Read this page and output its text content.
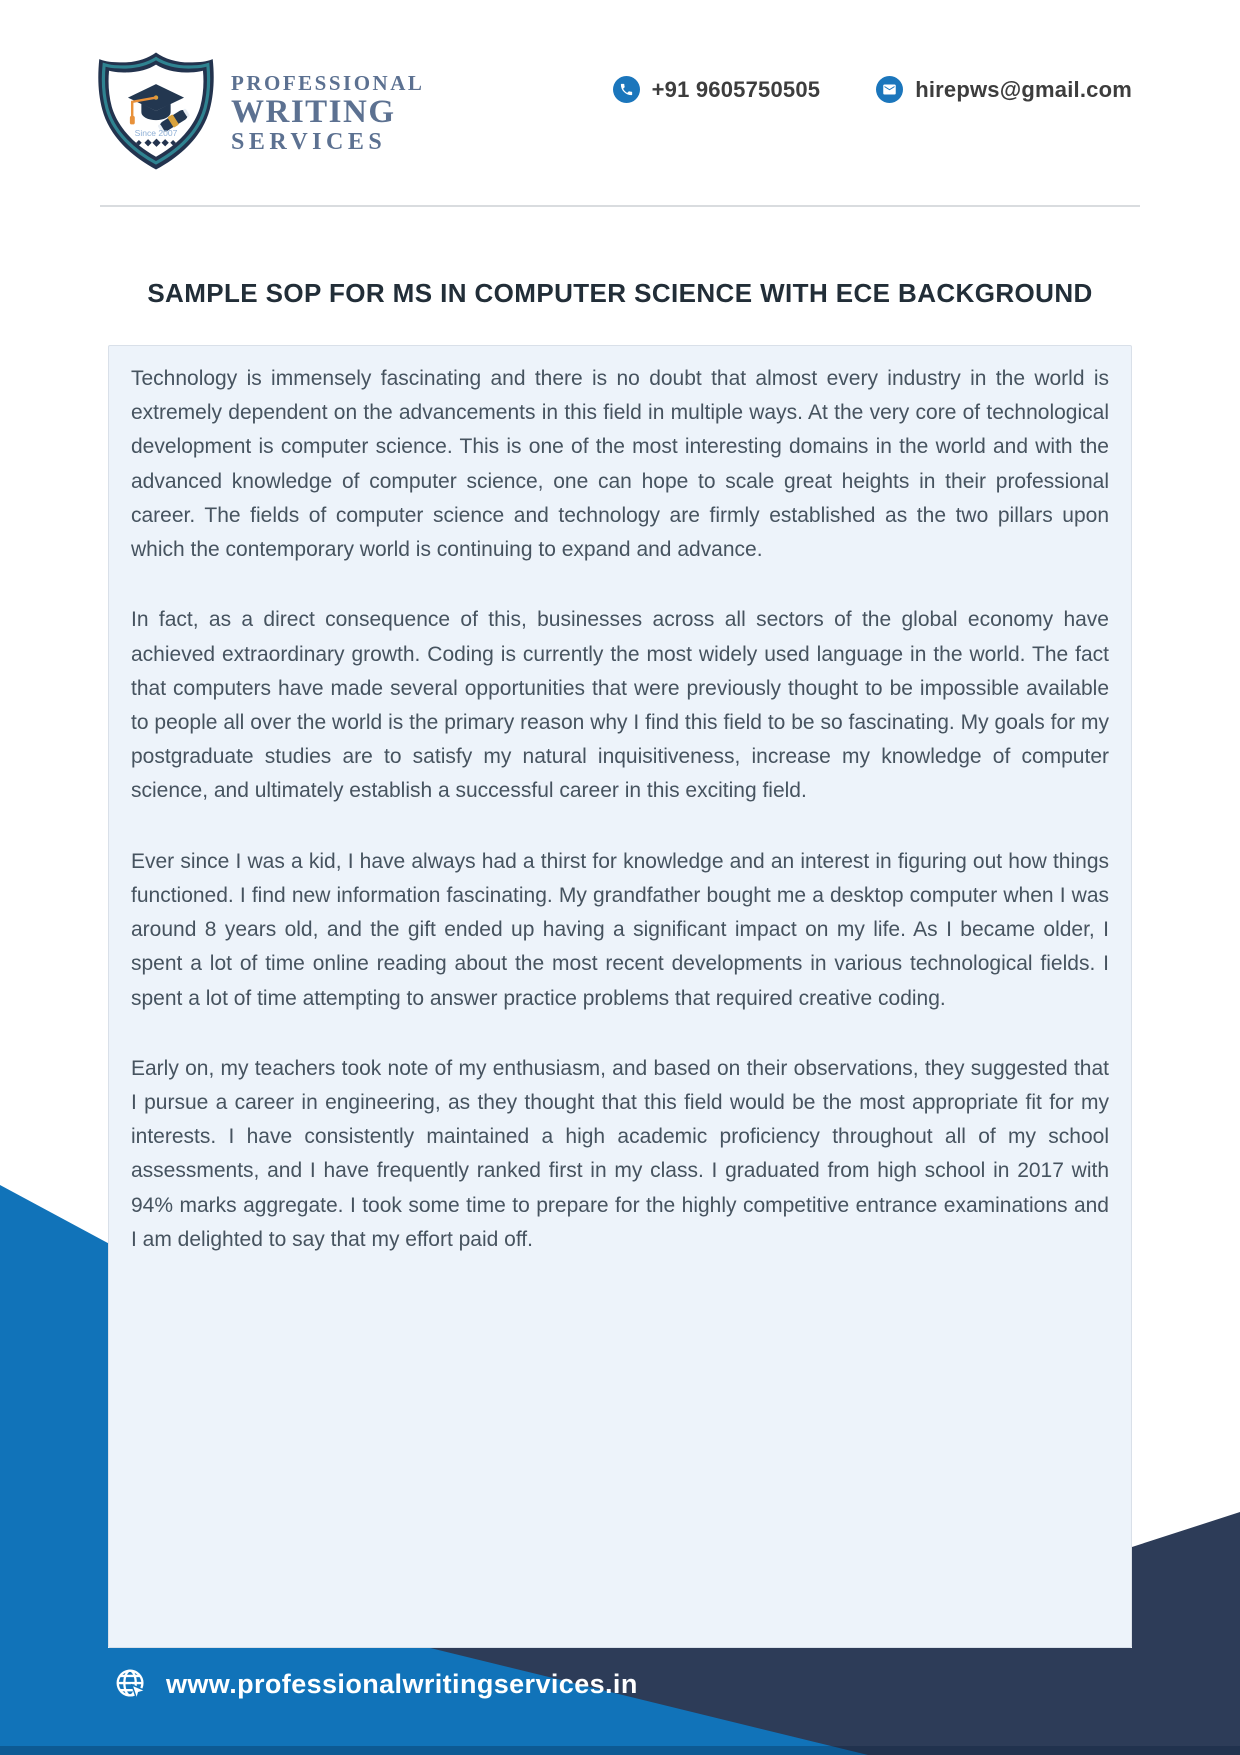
Since 2007
PROFESSIONAL
WRITING
SERVICES
+91 9605750505	hirepws@gmail.com
SAMPLE SOP FOR MS IN COMPUTER SCIENCE WITH ECE BACKGROUND

Technology is immensely fascinating and there is no doubt that almost every industry in the world is extremely dependent on the advancements in this field in multiple ways. At the very core of technological development is computer science. This is one of the most interesting domains in the world and with the advanced knowledge of computer science, one can hope to scale great heights in their professional career. The fields of computer science and technology are firmly established as the two pillars upon which the contemporary world is continuing to expand and advance.

In fact, as a direct consequence of this, businesses across all sectors of the global economy have achieved extraordinary growth. Coding is currently the most widely used language in the world. The fact that computers have made several opportunities that were previously thought to be impossible available to people all over the world is the primary reason why I find this field to be so fascinating. My goals for my postgraduate studies are to satisfy my natural inquisitiveness, increase my knowledge of computer science, and ultimately establish a successful career in this exciting field.

Ever since I was a kid, I have always had a thirst for knowledge and an interest in figuring out how things functioned. I find new information fascinating. My grandfather bought me a desktop computer when I was around 8 years old, and the gift ended up having a significant impact on my life. As I became older, I spent a lot of time online reading about the most recent developments in various technological fields. I spent a lot of time attempting to answer practice problems that required creative coding.

Early on, my teachers took note of my enthusiasm, and based on their observations, they suggested that I pursue a career in engineering, as they thought that this field would be the most appropriate fit for my interests. I have consistently maintained a high academic proficiency throughout all of my school assessments, and I have frequently ranked first in my class. I graduated from high school in 2017 with 94% marks aggregate. I took some time to prepare for the highly competitive entrance examinations and I am delighted to say that my effort paid off.

www.professionalwritingservices.in
